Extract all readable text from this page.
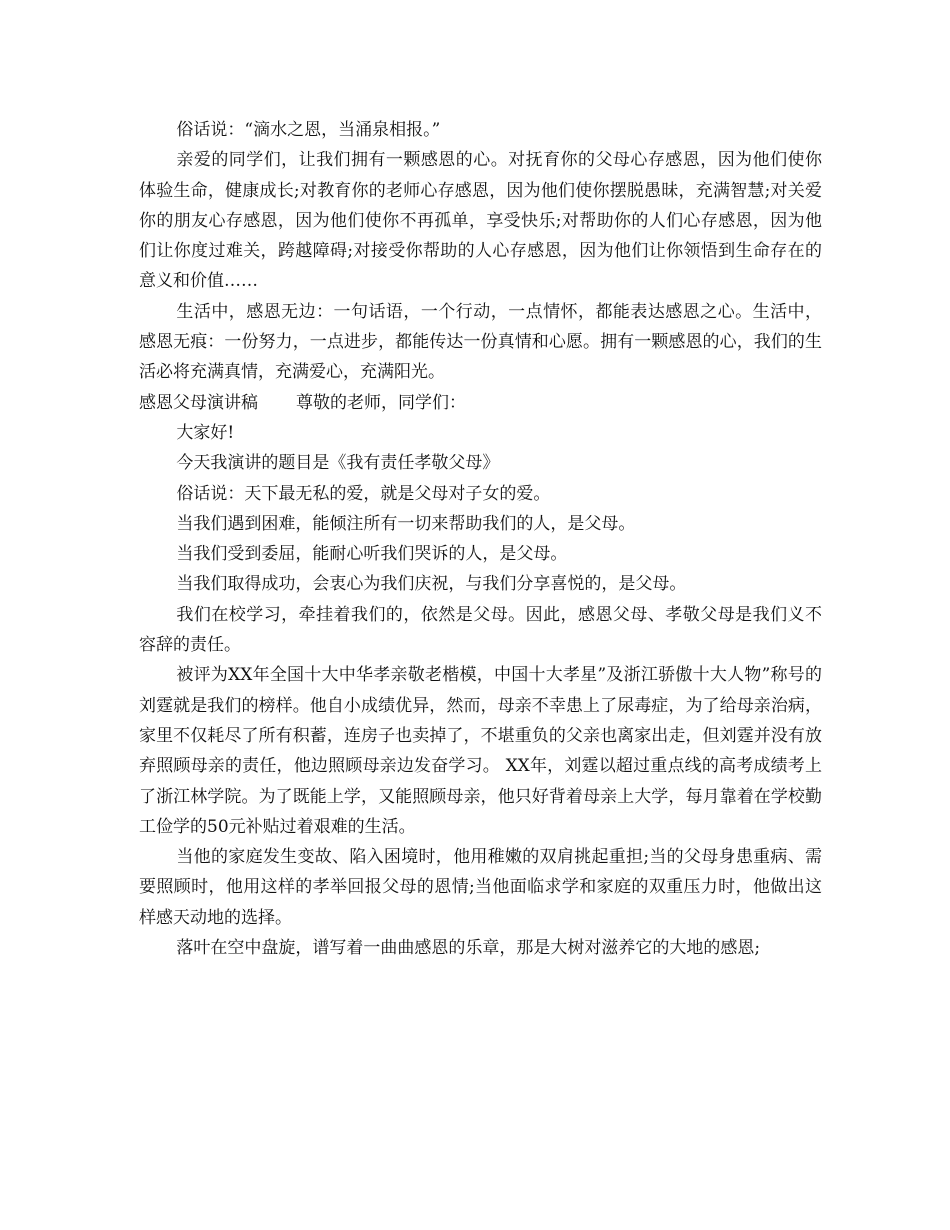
俗话说：“滴水之恩，当涌泉相报。”

亲爱的同学们，让我们拥有一颗感恩的心。对抚育你的父母心存感恩，因为他们使你体验生命，健康成长;对教育你的老师心存感恩，因为他们使你摆脱愚昧，充满智慧;对关爱你的朋友心存感恩，因为他们使你不再孤单，享受快乐;对帮助你的人们心存感恩，因为他们让你度过难关，跨越障碍;对接受你帮助的人心存感恩，因为他们让你领悟到生命存在的意义和价值……

生活中，感恩无边：一句话语，一个行动，一点情怀，都能表达感恩之心。生活中，感恩无痕：一份努力，一点进步，都能传达一份真情和心愿。拥有一颗感恩的心，我们的生活必将充满真情，充满爱心，充满阳光。

感恩父母演讲稿 尊敬的老师，同学们：

大家好!

今天我演讲的题目是《我有责任孝敬父母》

俗话说：天下最无私的爱，就是父母对子女的爱。

当我们遇到困难，能倾注所有一切来帮助我们的人，是父母。

当我们受到委屈，能耐心听我们哭诉的人，是父母。

当我们取得成功，会衷心为我们庆祝，与我们分享喜悦的，是父母。

我们在校学习，牵挂着我们的，依然是父母。因此，感恩父母、孝敬父母是我们义不容辞的责任。

被评为XX年全国十大中华孝亲敬老楷模，中国十大孝星”及浙江骄傲十大人物”称号的刘霆就是我们的榜样。他自小成绩优异，然而，母亲不幸患上了尿毒症，为了给母亲治病，家里不仅耗尽了所有积蓄，连房子也卖掉了，不堪重负的父亲也离家出走，但刘霆并没有放弃照顾母亲的责任，他边照顾母亲边发奋学习。 XX年，刘霆以超过重点线的高考成绩考上了浙江林学院。为了既能上学，又能照顾母亲，他只好背着母亲上大学，每月靠着在学校勤工俭学的50元补贴过着艰难的生活。

当他的家庭发生变故、陷入困境时，他用稚嫩的双肩挑起重担;当的父母身患重病、需要照顾时，他用这样的孝举回报父母的恩情;当他面临求学和家庭的双重压力时，他做出这样感天动地的选择。

落叶在空中盘旋，谱写着一曲曲感恩的乐章，那是大树对滋养它的大地的感恩;
